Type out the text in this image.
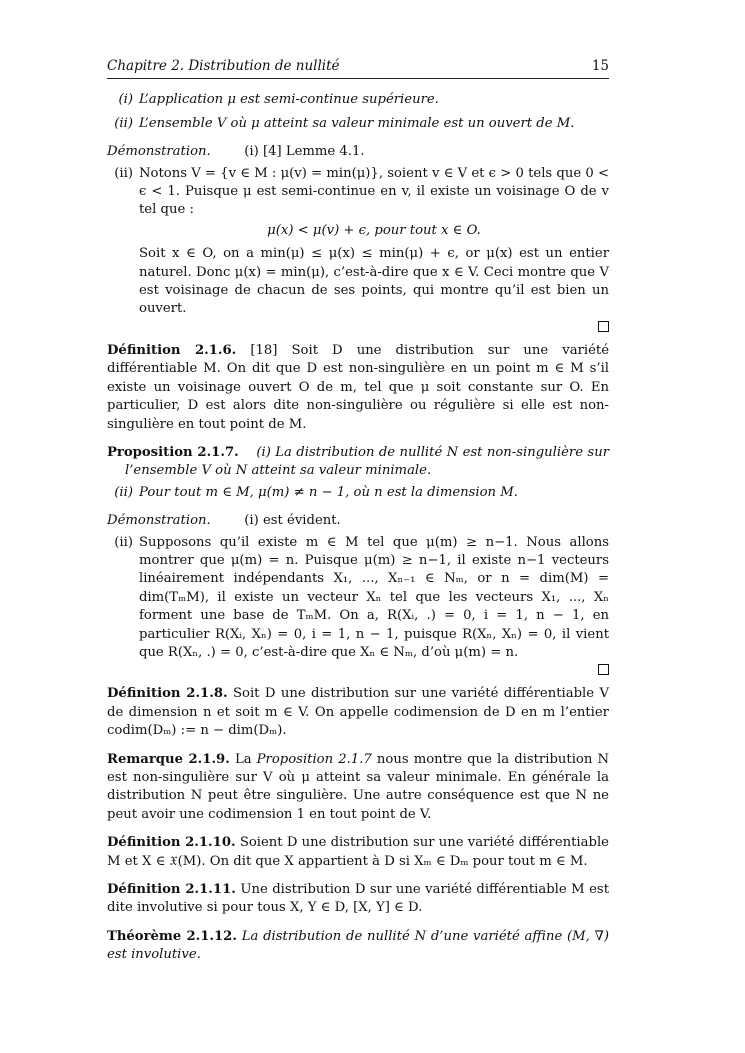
Chapitre 2. Distribution de nullité	15
(i) L’application μ est semi-continue supérieure.
(ii) L’ensemble V où μ atteint sa valeur minimale est un ouvert de M.

Démonstration.	(i) [4] Lemme 4.1.

(ii) Notons V = {v ∈ M : μ(v) = min(μ)}, soient v ∈ V et ϵ > 0 tels que 0 < ϵ < 1. Puisque μ est semi-continue en v, il existe un voisinage O de v tel que :

μ(x) < μ(v) + ϵ, pour tout x ∈ O.

Soit x ∈ O, on a min(μ) ≤ μ(x) ≤ min(μ) + ϵ, or μ(x) est un entier naturel. Donc μ(x) = min(μ), c’est-à-dire que x ∈ V. Ceci montre que V est voisinage de chacun de ses points, qui montre qu’il est bien un ouvert.

Définition 2.1.6. [18] Soit D une distribution sur une variété différentiable M. On dit que D est non-singulière en un point m ∈ M s’il existe un voisinage ouvert O de m, tel que μ soit constante sur O. En particulier, D est alors dite non-singulière ou régulière si elle est non-singulière en tout point de M.

Proposition 2.1.7. (i) La distribution de nullité N est non-singulière sur l’ensemble V où N atteint sa valeur minimale.

(ii) Pour tout m ∈ M, μ(m) ≠ n − 1, où n est la dimension M.

Démonstration.	(i) est évident.

(ii) Supposons qu’il existe m ∈ M tel que μ(m) ≥ n−1. Nous allons montrer que μ(m) = n. Puisque μ(m) ≥ n−1, il existe n−1 vecteurs linéairement indépendants X₁, ..., Xₙ₋₁ ∈ Nₘ, or n = dim(M) = dim(TₘM), il existe un vecteur Xₙ tel que les vecteurs X₁, ..., Xₙ forment une base de TₘM. On a, R(Xᵢ, .) = 0, i = 1, n − 1, en particulier R(Xᵢ, Xₙ) = 0, i = 1, n − 1, puisque R(Xₙ, Xₙ) = 0, il vient que R(Xₙ, .) = 0, c’est-à-dire que Xₙ ∈ Nₘ, d’où μ(m) = n.

Définition 2.1.8. Soit D une distribution sur une variété différentiable V de dimension n et soit m ∈ V. On appelle codimension de D en m l’entier codim(Dₘ) := n − dim(Dₘ).

Remarque 2.1.9. La Proposition 2.1.7 nous montre que la distribution N est non-singulière sur V où μ atteint sa valeur minimale. En générale la distribution N peut être singulière. Une autre conséquence est que N ne peut avoir une codimension 1 en tout point de V.

Définition 2.1.10. Soient D une distribution sur une variété différentiable M et X ∈ 𝔛(M). On dit que X appartient à D si Xₘ ∈ Dₘ pour tout m ∈ M.

Définition 2.1.11. Une distribution D sur une variété différentiable M est dite involutive si pour tous X, Y ∈ D, [X, Y] ∈ D.

Théorème 2.1.12. La distribution de nullité N d’une variété affine (M, ∇) est involutive.
